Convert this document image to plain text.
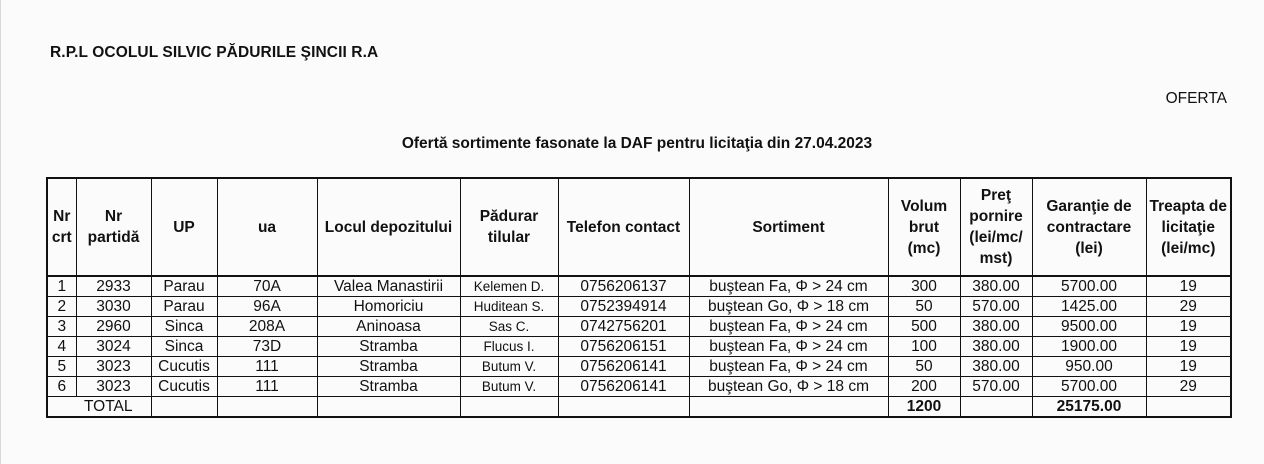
R.P.L OCOLUL SILVIC PĂDURILE ŞINCII R.A
OFERTA
Ofertă sortimente fasonate la DAF pentru licitaţia din 27.04.2023
Nr crt	Nr partidă	UP	ua	Locul depozitului	Pădurar tilular	Telefon contact	Sortiment	Volum brut (mc)	Preţ pornire (lei/mc/ mst)	Garanţie de contractare (lei)	Treapta de licitaţie (lei/mc)
1	2933	Parau	70A	Valea Manastirii	Kelemen D.	0756206137	buştean Fa, Φ > 24 cm	300	380.00	5700.00	19
2	3030	Parau	96A	Homoriciu	Huditean S.	0752394914	buştean Go, Φ > 18 cm	50	570.00	1425.00	29
3	2960	Sinca	208A	Aninoasa	Sas C.	0742756201	buştean Fa, Φ > 24 cm	500	380.00	9500.00	19
4	3024	Sinca	73D	Stramba	Flucus I.	0756206151	buştean Fa, Φ > 24 cm	100	380.00	1900.00	19
5	3023	Cucutis	111	Stramba	Butum V.	0756206141	buştean Fa, Φ > 24 cm	50	380.00	950.00	19
6	3023	Cucutis	111	Stramba	Butum V.	0756206141	buştean Go, Φ > 18 cm	200	570.00	5700.00	29
TOTAL								1200		25175.00	
